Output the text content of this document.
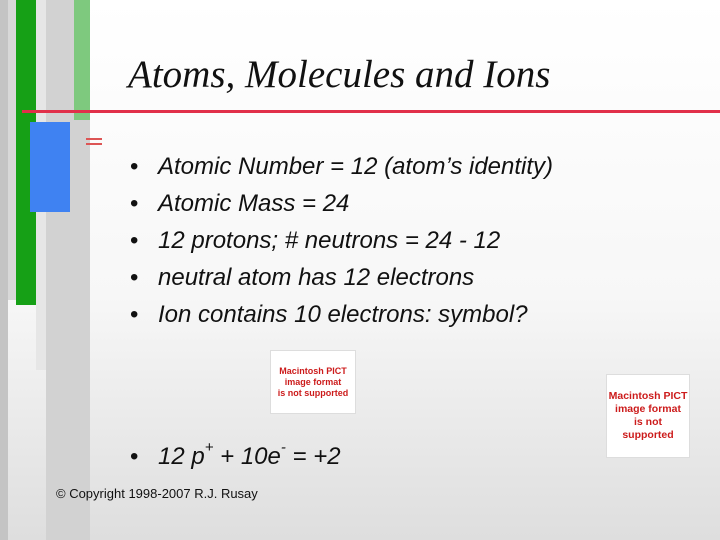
Atoms, Molecules and Ions
• Atomic Number = 12 (atom’s identity)
• Atomic Mass = 24
• 12 protons; # neutrons = 24 - 12
• neutral atom has 12 electrons
• Ion contains 10 electrons: symbol?
Macintosh PICT
image format
is not supported	Macintosh PICT
image format
is not supported
• 12 p+ + 10e- = +2
© Copyright 1998-2007 R.J. Rusay
